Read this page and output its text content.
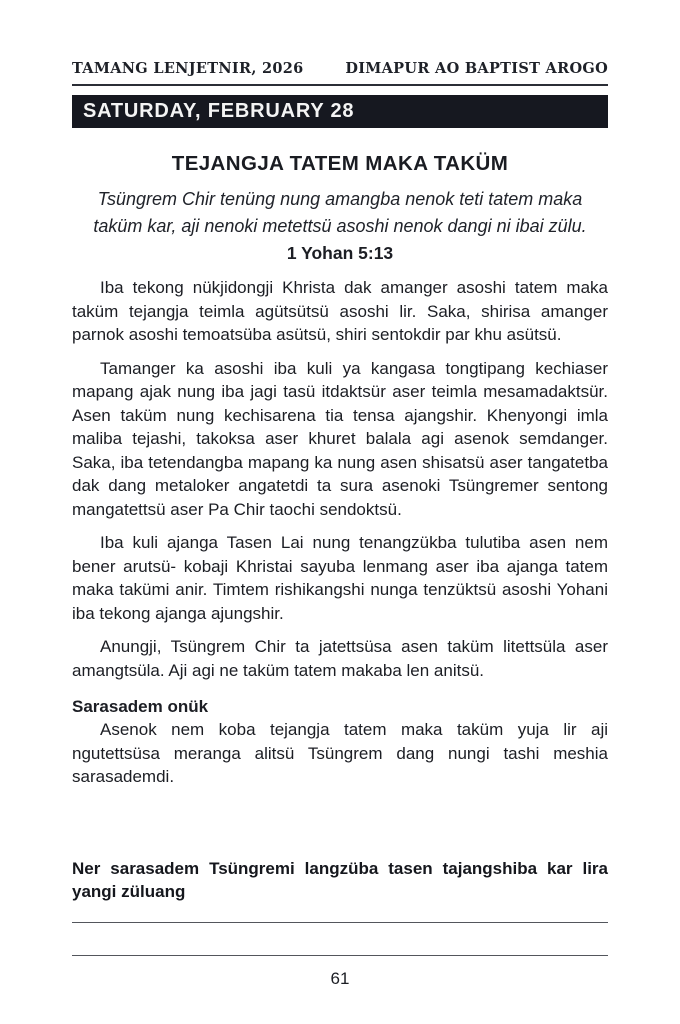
TAMANG LENJETNIR, 2026	DIMAPUR AO BAPTIST AROGO
SATURDAY, FEBRUARY 28
TEJANGJA TATEM MAKA TAKÜM

Tsüngrem Chir tenüng nung amangba nenok teti tatem maka taküm kar, aji nenoki metettsü asoshi nenok dangi ni ibai zülu.

1 Yohan 5:13

Iba tekong nükjidongji Khrista dak amanger asoshi tatem maka taküm tejangja teimla agütsütsü asoshi lir. Saka, shirisa amanger parnok asoshi temoatsüba asütsü, shiri sentokdir par khu asütsü.

Tamanger ka asoshi iba kuli ya kangasa tongtipang kechiaser mapang ajak nung iba jagi tasü itdaktsür aser teimla mesamadaktsür. Asen taküm nung kechisarena tia tensa ajangshir. Khenyongi imla maliba tejashi, takoksa aser khuret balala agi asenok semdanger. Saka, iba tetendangba mapang ka nung asen shisatsü aser tangatetba dak dang metaloker angatetdi ta sura asenoki Tsüngremer sentong mangatettsü aser Pa Chir taochi sendoktsü.

Iba kuli ajanga Tasen Lai nung tenangzükba tulutiba asen nem bener arutsü- kobaji Khristai sayuba lenmang aser iba ajanga tatem maka takümi anir. Timtem rishikangshi nunga tenzüktsü asoshi Yohani iba tekong ajanga ajungshir.

Anungji, Tsüngrem Chir ta jatettsüsa asen taküm litettsüla aser amangtsüla. Aji agi ne taküm tatem makaba len anitsü.

Sarasadem onük

Asenok nem koba tejangja tatem maka taküm yuja lir aji ngutettsüsa meranga alitsü Tsüngrem dang nungi tashi meshia sarasademdi.

Ner sarasadem Tsüngremi langzüba tasen tajangshiba kar lira yangi züluang

61
